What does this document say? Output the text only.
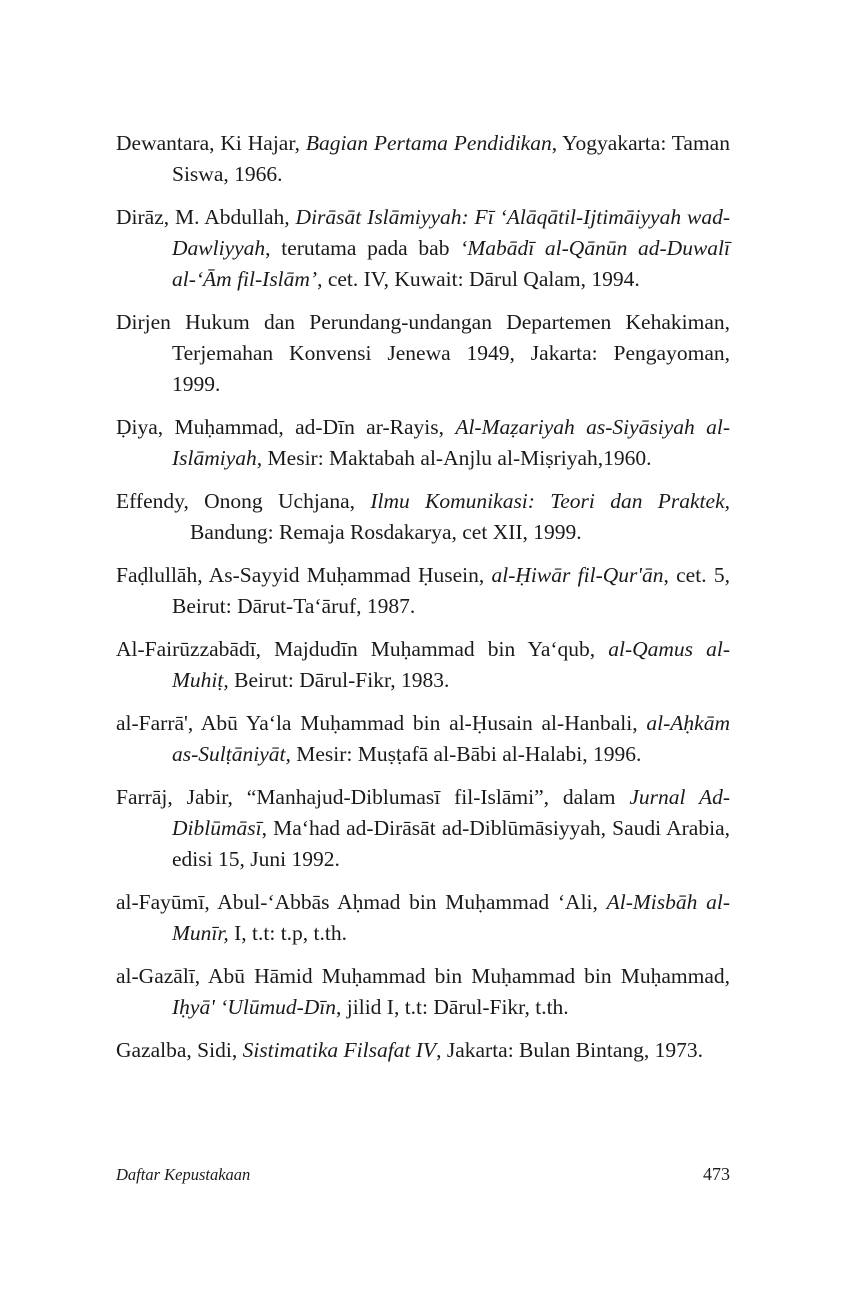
Dewantara, Ki Hajar, Bagian Pertama Pendidikan, Yogyakarta: Taman Siswa, 1966.

Dirāz, M. Abdullah, Dirāsāt Islāmiyyah: Fī ‘Alāqātil-Ijtimāiyyah wad-Dawliyyah, terutama pada bab ‘Mabādī al-Qānūn ad-Duwalī al-‘Ām fil-Islām’, cet. IV, Kuwait: Dārul Qalam, 1994.

Dirjen Hukum dan Perundang-undangan Departemen Kehakiman, Terjemahan Konvensi Jenewa 1949, Jakarta: Pengayoman, 1999.

Ḍiya, Muḥammad, ad-Dīn ar-Rayis, Al-Maẓariyah as-Siyāsiyah al-Islāmiyah, Mesir: Maktabah al-Anjlu al-Miṣriyah,1960.

Effendy, Onong Uchjana, Ilmu Komunikasi: Teori dan Praktek, Bandung: Remaja Rosdakarya, cet XII, 1999.

Faḍlullāh, As-Sayyid Muḥammad Ḥusein, al-Ḥiwār fil-Qur'ān, cet. 5, Beirut: Dārut-Ta‘āruf, 1987.

Al-Fairūzzabādī, Majdudīn Muḥammad bin Ya‘qub, al-Qamus al-Muhiṭ, Beirut: Dārul-Fikr, 1983.

al-Farrā', Abū Ya‘la Muḥammad bin al-Ḥusain al-Hanbali, al-Aḥkām as-Sulṭāniyāt, Mesir: Muṣṭafā al-Bābi al-Halabi, 1996.

Farrāj, Jabir, “Manhajud-Diblumasī fil-Islāmi”, dalam Jurnal Ad-Diblūmāsī, Ma‘had ad-Dirāsāt ad-Diblūmāsiyyah, Saudi Arabia, edisi 15, Juni 1992.

al-Fayūmī, Abul-‘Abbās Aḥmad bin Muḥammad ‘Ali, Al-Misbāh al-Munīr, I, t.t: t.p, t.th.

al-Gazālī, Abū Hāmid Muḥammad bin Muḥammad bin Muḥammad, Iḥyā' ‘Ulūmud-Dīn, jilid I, t.t: Dārul-Fikr, t.th.

Gazalba, Sidi, Sistimatika Filsafat IV, Jakarta: Bulan Bintang, 1973.

Daftar Kepustakaan	473
